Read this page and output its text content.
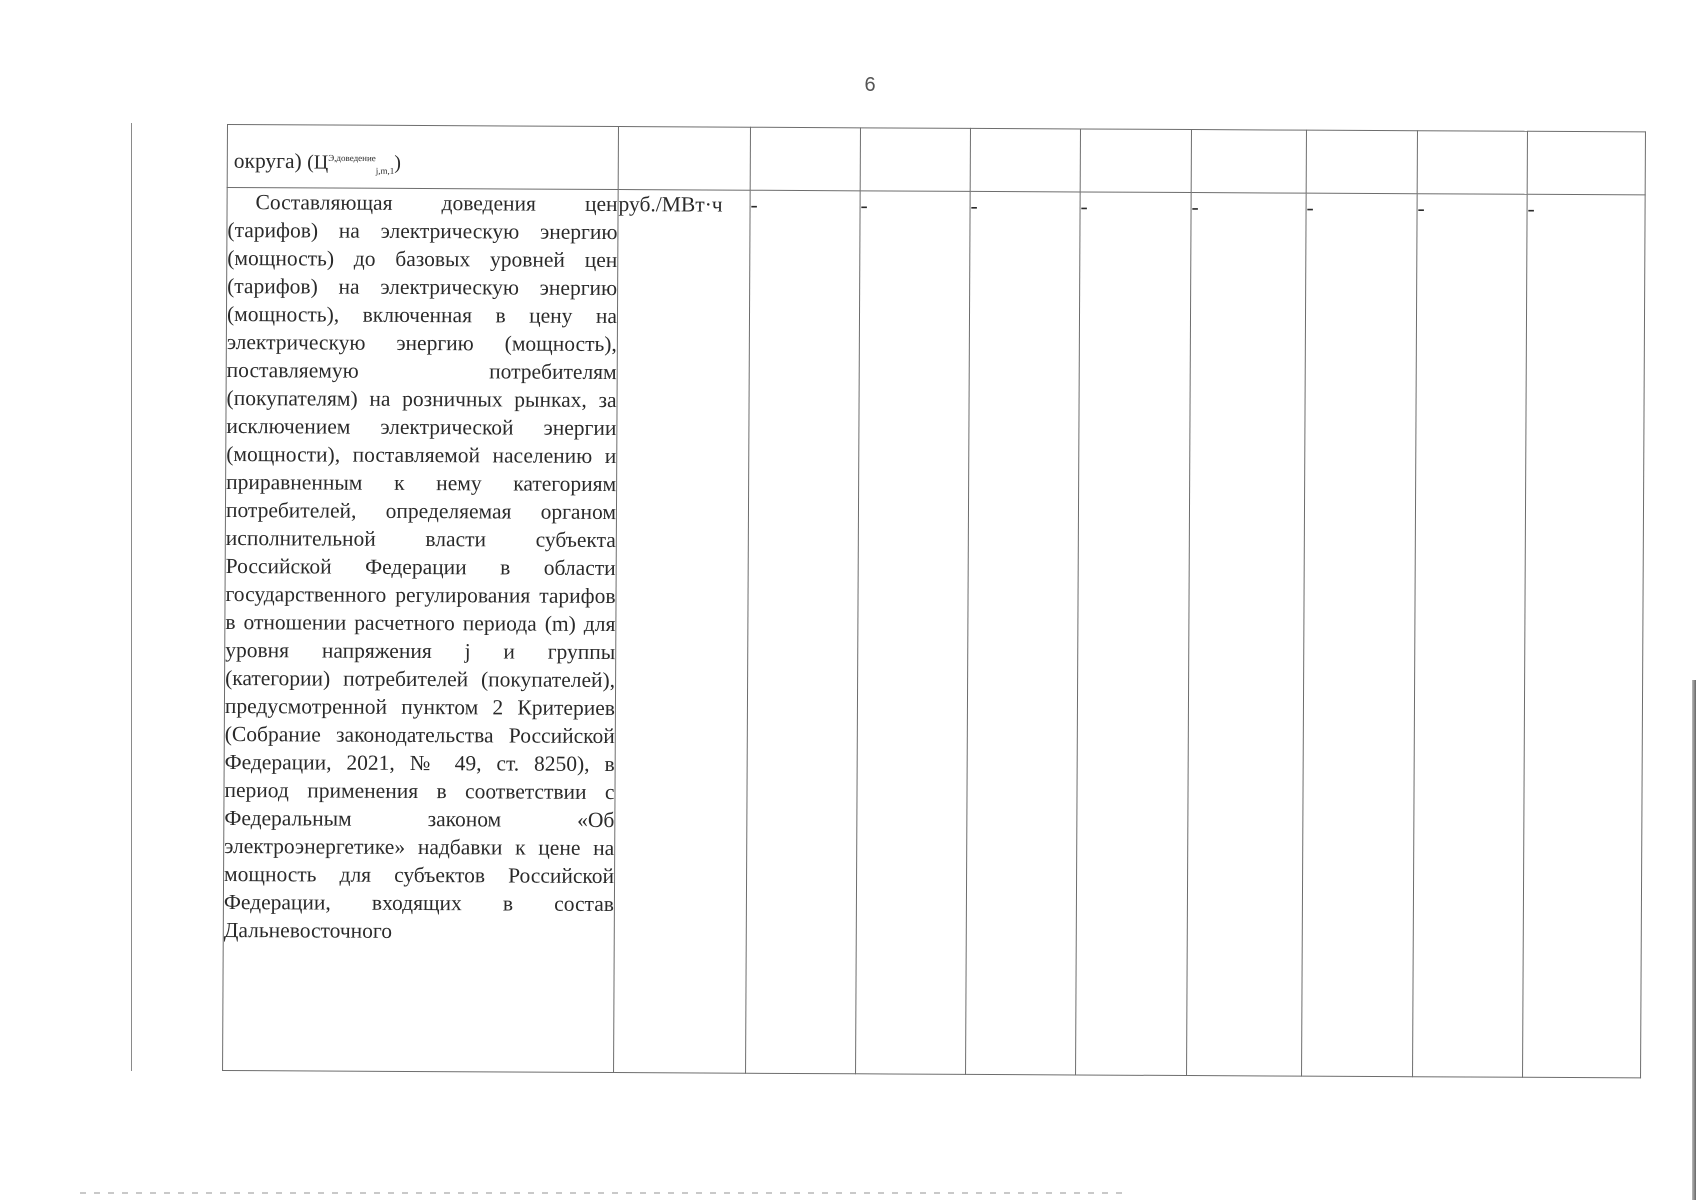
6
округа) $(Ц^{Э,доведение}_{j,m,1})$									

Составляющая доведения цен (тарифов) на электрическую энергию (мощность) до базовых уровней цен (тарифов) на электрическую энергию (мощность), включенная в цену на электрическую энергию (мощность), поставляемую потребителям (покупателям) на розничных рынках, за исключением электрической энергии (мощности), поставляемой населению и приравненным к нему категориям потребителей, определяемая органом исполнительной власти субъекта Российской Федерации в области государственного регулирования тарифов в отношении расчетного периода (m) для уровня напряжения j и группы (категории) потребителей (покупателей), предусмотренной пунктом 2 Критериев (Собрание законодательства Российской Федерации, 2021, № 49, ст. 8250), в период применения в соответствии с Федеральным законом «Об электроэнергетике» надбавки к цене на мощность для субъектов Российской Федерации, входящих в состав Дальневосточного	руб./МВт·ч	-	-	-	-	-	-	-	-
